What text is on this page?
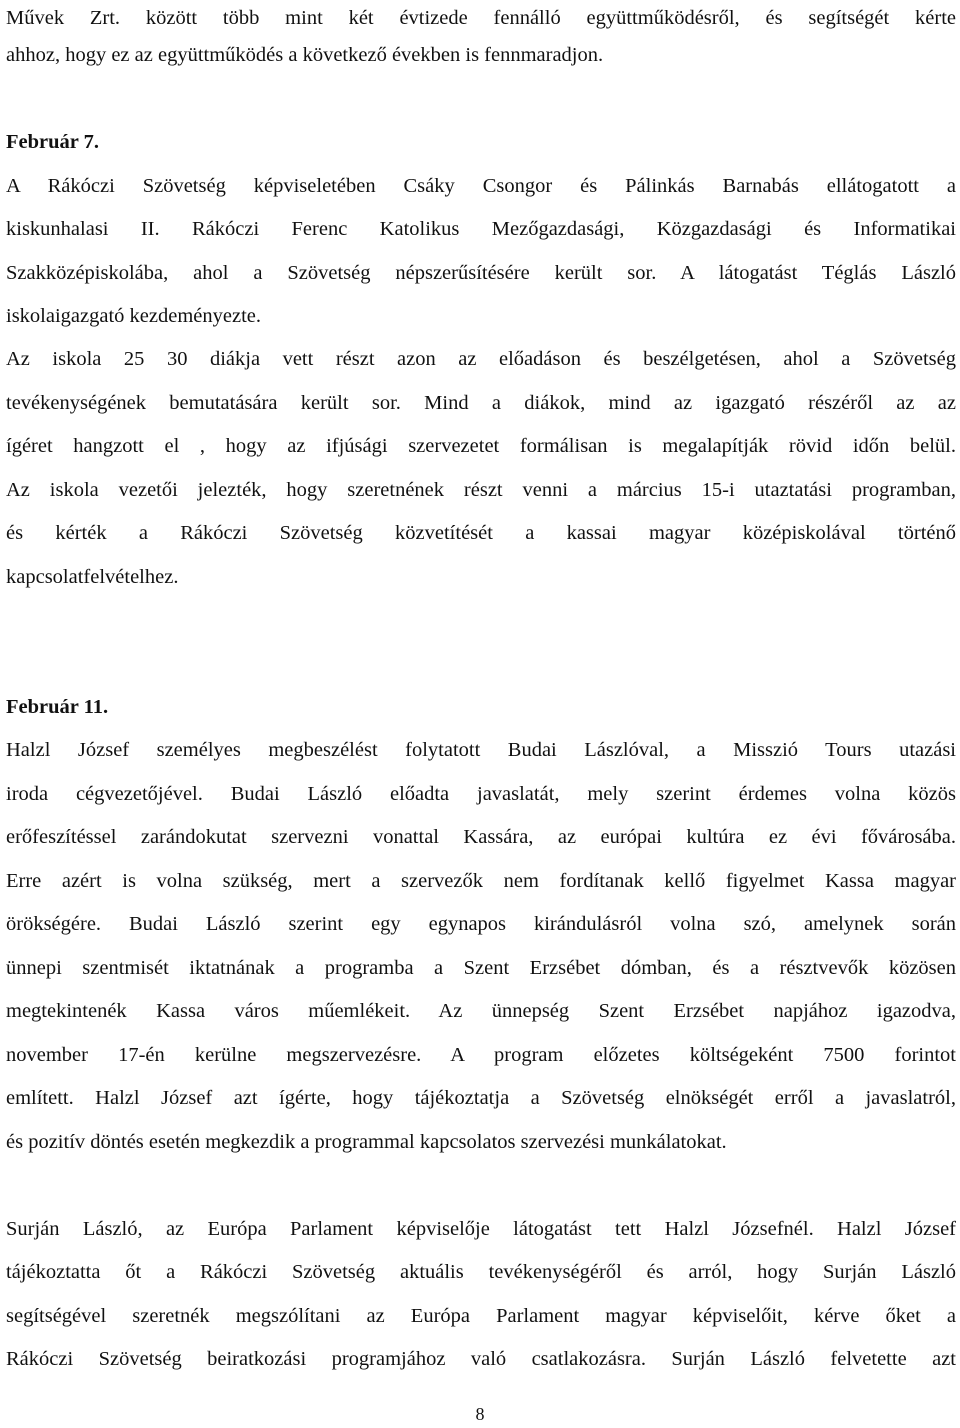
Művek Zrt. között több mint két évtizede fennálló együttműködésről, és segítségét kérte
ahhoz, hogy ez az együttműködés a következő években is fennmaradjon.
Február 7.
A Rákóczi Szövetség képviseletében Csáky Csongor és Pálinkás Barnabás ellátogatott a
kiskunhalasi II. Rákóczi Ferenc Katolikus Mezőgazdasági, Közgazdasági és Informatikai
Szakközépiskolába, ahol a Szövetség népszerűsítésére került sor. A látogatást Téglás László
iskolaigazgató kezdeményezte.
Az iskola 25 30 diákja vett részt azon az előadáson és beszélgetésen, ahol a Szövetség
tevékenységének bemutatására került sor. Mind a diákok, mind az igazgató részéről az az
ígéret hangzott el , hogy az ifjúsági szervezetet formálisan is megalapítják rövid időn belül.
Az iskola vezetői jelezték, hogy szeretnének részt venni a március 15-i utaztatási programban,
és kérték a Rákóczi Szövetség közvetítését a kassai magyar középiskolával történő
kapcsolatfelvételhez.
Február 11.
Halzl József személyes megbeszélést folytatott Budai Lászlóval, a Misszió Tours utazási
iroda cégvezetőjével. Budai László előadta javaslatát, mely szerint érdemes volna közös
erőfeszítéssel zarándokutat szervezni vonattal Kassára, az európai kultúra ez évi fővárosába.
Erre azért is volna szükség, mert a szervezők nem fordítanak kellő figyelmet Kassa magyar
örökségére. Budai László szerint egy egynapos kirándulásról volna szó, amelynek során
ünnepi szentmisét iktatnának a programba a Szent Erzsébet dómban, és a résztvevők közösen
megtekintenék Kassa város műemlékeit. Az ünnepség Szent Erzsébet napjához igazodva,
november 17-én kerülne megszervezésre. A program előzetes költségeként 7500 forintot
említett. Halzl József azt ígérte, hogy tájékoztatja a Szövetség elnökségét erről a javaslatról,
és pozitív döntés esetén megkezdik a programmal kapcsolatos szervezési munkálatokat.
Surján László, az Európa Parlament képviselője látogatást tett Halzl Józsefnél. Halzl József
tájékoztatta őt a Rákóczi Szövetség aktuális tevékenységéről és arról, hogy Surján László
segítségével szeretnék megszólítani az Európa Parlament magyar képviselőit, kérve őket a
Rákóczi Szövetség beiratkozási programjához való csatlakozásra. Surján László felvetette azt
8
